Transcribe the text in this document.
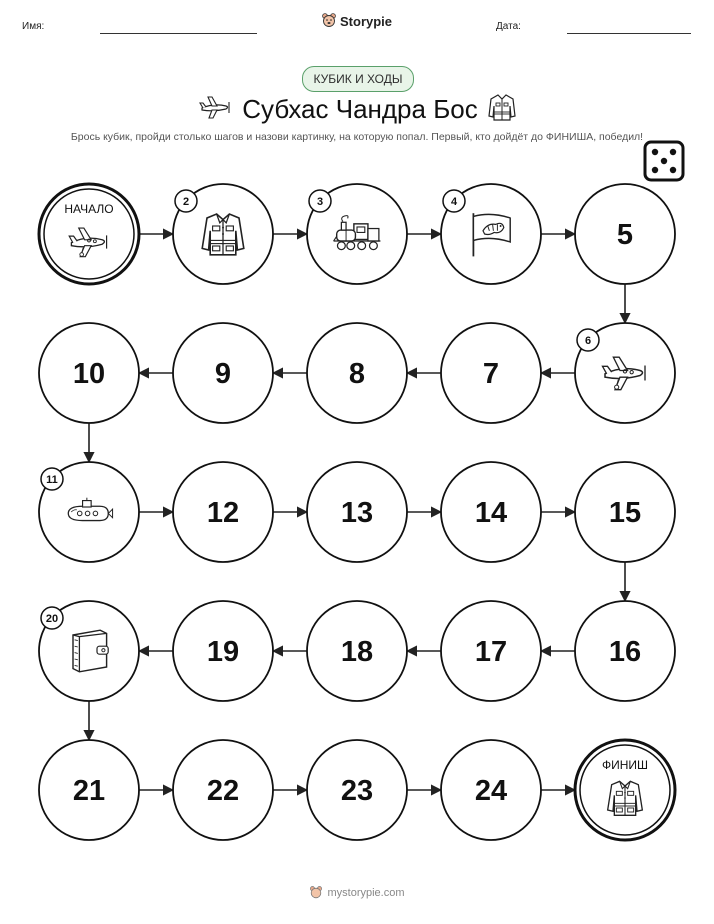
Имя:	Storypie	Дата:
КУБИК И ХОДЫ
Субхас Чандра Бос
Брось кубик, пройди столько шагов и назови картинку, на которую попал. Первый, кто дойдёт до ФИНИША, победил!
НАЧАЛО	2	3	4
5
6
7
8
9
10
11
12	13	14	15
16
17
18
19
20
21	22	23	24
ФИНИШ
mystorypie.com
